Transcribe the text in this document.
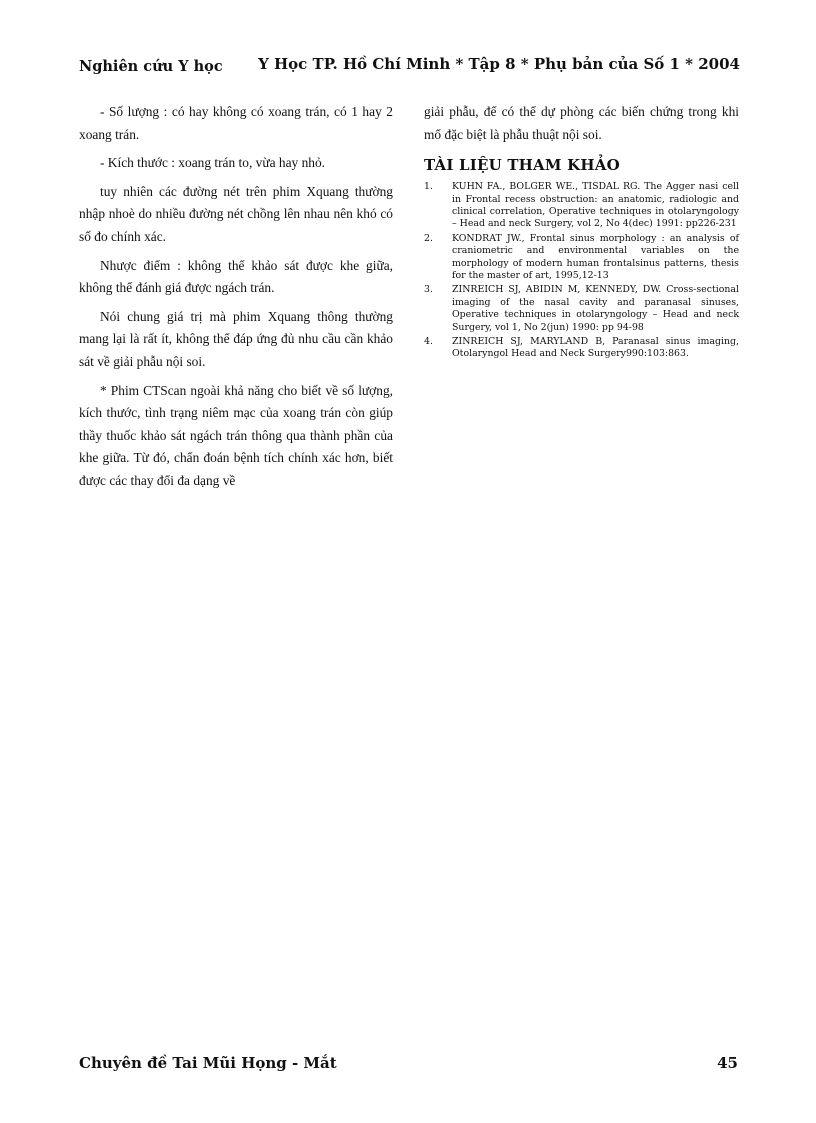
Nghiên cứu Y học Y Học TP. Hồ Chí Minh * Tập 8 * Phụ bản của Số 1 * 2004

- Số lượng : có hay không có xoang trán, có 1 hay 2 xoang trán.

- Kích thước : xoang trán to, vừa hay nhỏ.

tuy nhiên các đường nét trên phim Xquang thường nhập nhoè do nhiều đường nét chồng lên nhau nên khó có số đo chính xác.

Nhược điểm : không thể khảo sát được khe giữa, không thể đánh giá được ngách trán.

Nói chung giá trị mà phim Xquang thông thường mang lại là rất ít, không thể đáp ứng đủ nhu cầu cần khảo sát về giải phẫu nội soi.

* Phim CTScan ngoài khả năng cho biết về số lượng, kích thước, tình trạng niêm mạc của xoang trán còn giúp thầy thuốc khảo sát ngách trán thông qua thành phần của khe giữa. Từ đó, chẩn đoán bệnh tích chính xác hơn, biết được các thay đổi đa dạng về

giải phẫu, để có thể dự phòng các biến chứng trong khi mổ đặc biệt là phẫu thuật nội soi.

TÀI LIỆU THAM KHẢO
1.	KUHN FA., BOLGER WE., TISDAL RG. The Agger nasi cell in Frontal recess obstruction: an anatomic, radiologic and clinical correlation, Operative techniques in otolaryngology – Head and neck Surgery, vol 2, No 4(dec) 1991: pp226-231
2.	KONDRAT JW., Frontal sinus morphology : an analysis of craniometric and environmental variables on the morphology of modern human frontalsinus patterns, thesis for the master of art, 1995,12-13
3.	ZINREICH SJ, ABIDIN M, KENNEDY, DW. Cross-sectional imaging of the nasal cavity and paranasal sinuses, Operative techniques in otolaryngology – Head and neck Surgery, vol 1, No 2(jun) 1990: pp 94-98
4.	ZINREICH SJ, MARYLAND B, Paranasal sinus imaging, Otolaryngol Head and Neck Surgery990:103:863.
Chuyên đề Tai Mũi Họng - Mắt	45
